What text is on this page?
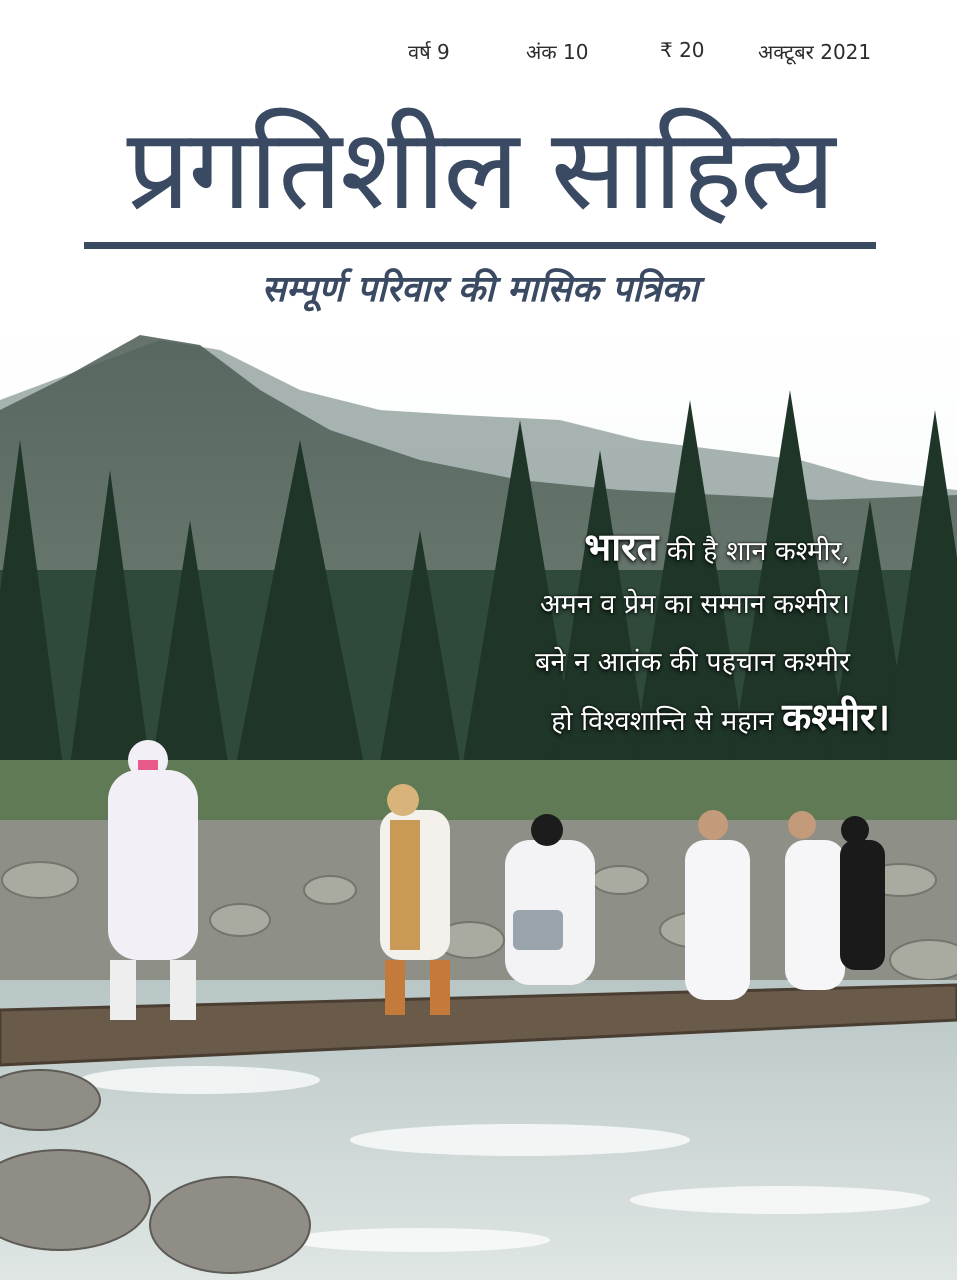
वर्ष 9	अंक 10	₹ 20	अक्टूबर 2021
प्रगतिशील साहित्य
सम्पूर्ण परिवार की मासिक पत्रिका
भारत की है शान कश्मीर,
अमन व प्रेम का सम्मान कश्मीर।
बने न आतंक की पहचान कश्मीर
हो विश्वशान्ति से महान कश्मीर।
